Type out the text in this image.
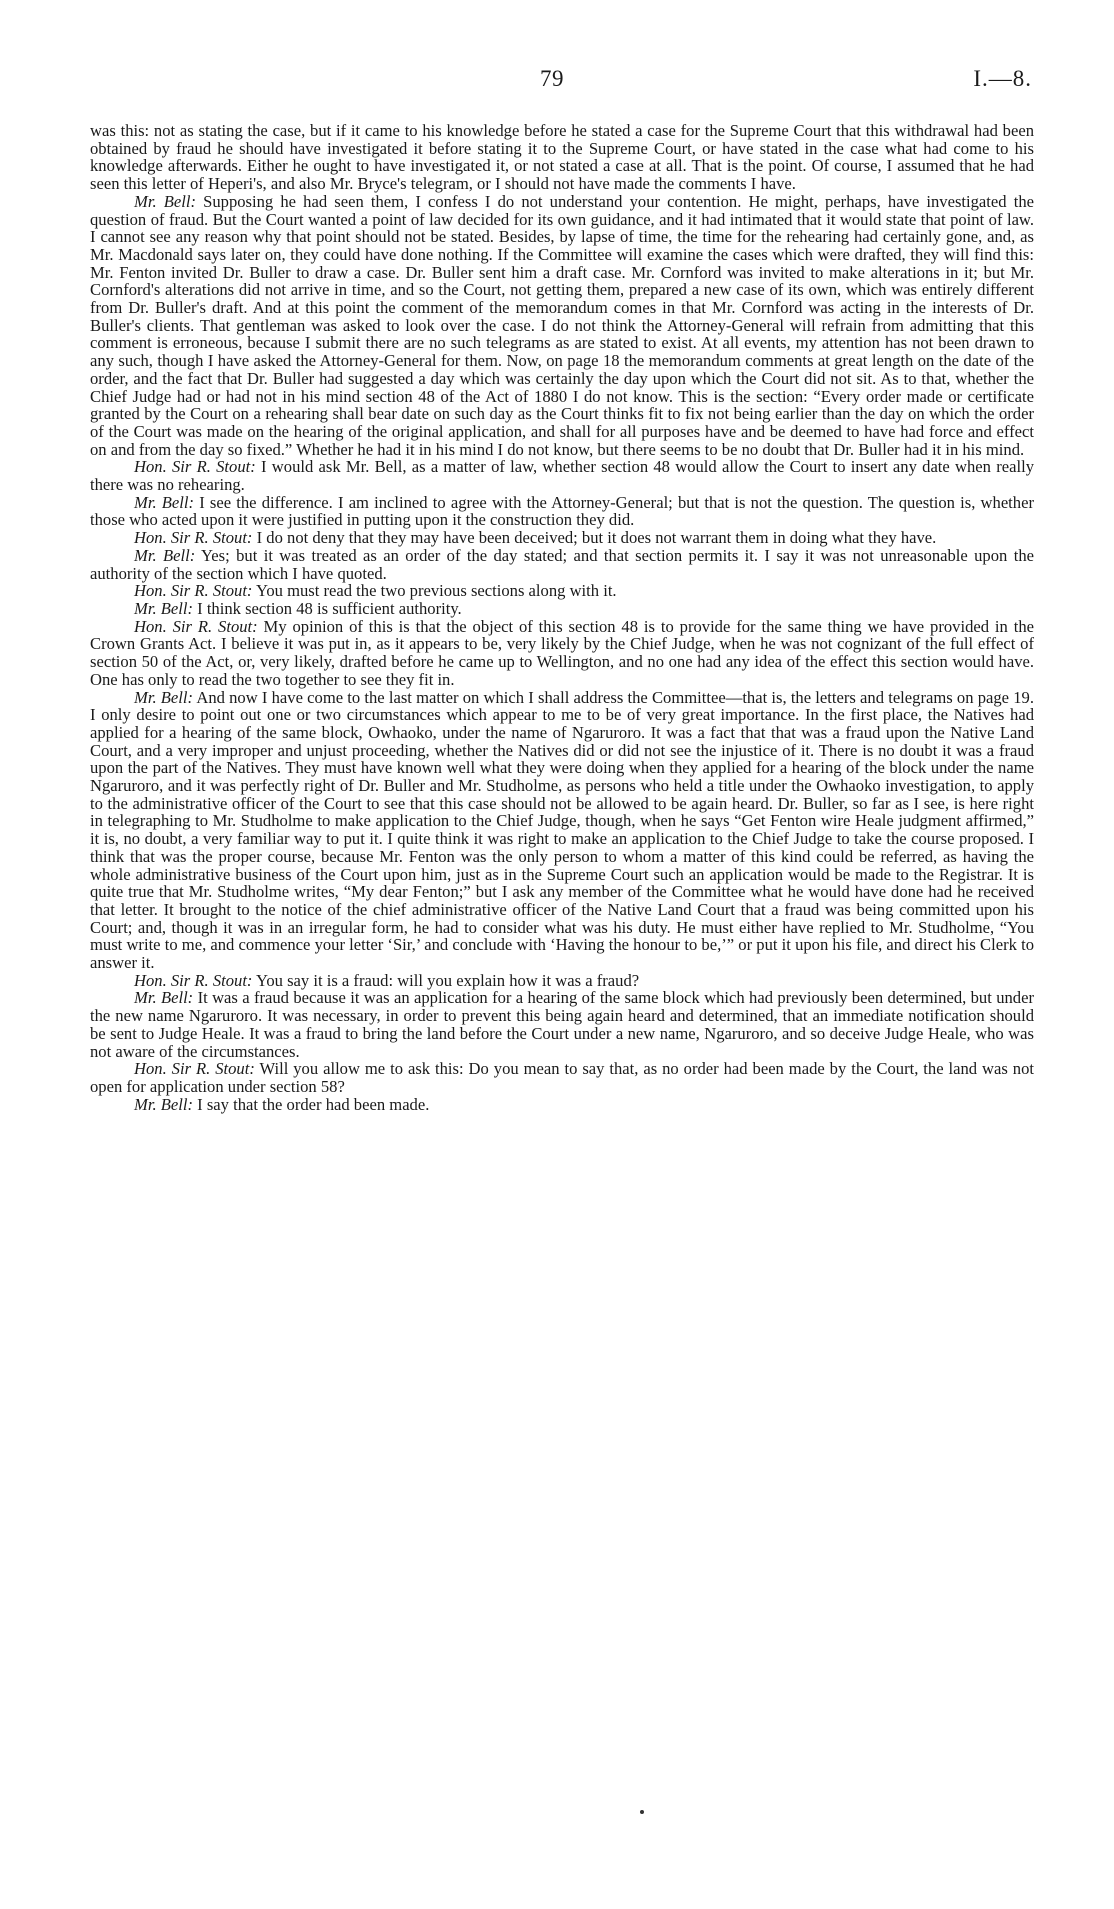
79	I.—8.

was this: not as stating the case, but if it came to his knowledge before he stated a case for the Supreme Court that this withdrawal had been obtained by fraud he should have investigated it before stating it to the Supreme Court, or have stated in the case what had come to his knowledge afterwards. Either he ought to have investigated it, or not stated a case at all. That is the point. Of course, I assumed that he had seen this letter of Heperi's, and also Mr. Bryce's telegram, or I should not have made the comments I have.

Mr. Bell: Supposing he had seen them, I confess I do not understand your contention. He might, perhaps, have investigated the question of fraud. But the Court wanted a point of law decided for its own guidance, and it had intimated that it would state that point of law. I cannot see any reason why that point should not be stated. Besides, by lapse of time, the time for the rehearing had certainly gone, and, as Mr. Macdonald says later on, they could have done nothing. If the Committee will examine the cases which were drafted, they will find this: Mr. Fenton invited Dr. Buller to draw a case. Dr. Buller sent him a draft case. Mr. Cornford was invited to make alterations in it; but Mr. Cornford's alterations did not arrive in time, and so the Court, not getting them, prepared a new case of its own, which was entirely different from Dr. Buller's draft. And at this point the comment of the memorandum comes in that Mr. Cornford was acting in the interests of Dr. Buller's clients. That gentleman was asked to look over the case. I do not think the Attorney-General will refrain from admitting that this comment is erroneous, because I submit there are no such telegrams as are stated to exist. At all events, my attention has not been drawn to any such, though I have asked the Attorney-General for them. Now, on page 18 the memorandum comments at great length on the date of the order, and the fact that Dr. Buller had suggested a day which was certainly the day upon which the Court did not sit. As to that, whether the Chief Judge had or had not in his mind section 48 of the Act of 1880 I do not know. This is the section: “Every order made or certificate granted by the Court on a rehearing shall bear date on such day as the Court thinks fit to fix not being earlier than the day on which the order of the Court was made on the hearing of the original application, and shall for all purposes have and be deemed to have had force and effect on and from the day so fixed.” Whether he had it in his mind I do not know, but there seems to be no doubt that Dr. Buller had it in his mind.

Hon. Sir R. Stout: I would ask Mr. Bell, as a matter of law, whether section 48 would allow the Court to insert any date when really there was no rehearing.

Mr. Bell: I see the difference. I am inclined to agree with the Attorney-General; but that is not the question. The question is, whether those who acted upon it were justified in putting upon it the construction they did.

Hon. Sir R. Stout: I do not deny that they may have been deceived; but it does not warrant them in doing what they have.

Mr. Bell: Yes; but it was treated as an order of the day stated; and that section permits it. I say it was not unreasonable upon the authority of the section which I have quoted.

Hon. Sir R. Stout: You must read the two previous sections along with it.

Mr. Bell: I think section 48 is sufficient authority.

Hon. Sir R. Stout: My opinion of this is that the object of this section 48 is to provide for the same thing we have provided in the Crown Grants Act. I believe it was put in, as it appears to be, very likely by the Chief Judge, when he was not cognizant of the full effect of section 50 of the Act, or, very likely, drafted before he came up to Wellington, and no one had any idea of the effect this section would have. One has only to read the two together to see they fit in.

Mr. Bell: And now I have come to the last matter on which I shall address the Committee—that is, the letters and telegrams on page 19. I only desire to point out one or two circumstances which appear to me to be of very great importance. In the first place, the Natives had applied for a hearing of the same block, Owhaoko, under the name of Ngaruroro. It was a fact that that was a fraud upon the Native Land Court, and a very improper and unjust proceeding, whether the Natives did or did not see the injustice of it. There is no doubt it was a fraud upon the part of the Natives. They must have known well what they were doing when they applied for a hearing of the block under the name Ngaruroro, and it was perfectly right of Dr. Buller and Mr. Studholme, as persons who held a title under the Owhaoko investigation, to apply to the administrative officer of the Court to see that this case should not be allowed to be again heard. Dr. Buller, so far as I see, is here right in telegraphing to Mr. Studholme to make application to the Chief Judge, though, when he says “Get Fenton wire Heale judgment affirmed,” it is, no doubt, a very familiar way to put it. I quite think it was right to make an application to the Chief Judge to take the course proposed. I think that was the proper course, because Mr. Fenton was the only person to whom a matter of this kind could be referred, as having the whole administrative business of the Court upon him, just as in the Supreme Court such an application would be made to the Registrar. It is quite true that Mr. Studholme writes, “My dear Fenton;” but I ask any member of the Committee what he would have done had he received that letter. It brought to the notice of the chief administrative officer of the Native Land Court that a fraud was being committed upon his Court; and, though it was in an irregular form, he had to consider what was his duty. He must either have replied to Mr. Studholme, “You must write to me, and commence your letter ‘Sir,’ and conclude with ‘Having the honour to be,’” or put it upon his file, and direct his Clerk to answer it.

Hon. Sir R. Stout: You say it is a fraud: will you explain how it was a fraud?

Mr. Bell: It was a fraud because it was an application for a hearing of the same block which had previously been determined, but under the new name Ngaruroro. It was necessary, in order to prevent this being again heard and determined, that an immediate notification should be sent to Judge Heale. It was a fraud to bring the land before the Court under a new name, Ngaruroro, and so deceive Judge Heale, who was not aware of the circumstances.

Hon. Sir R. Stout: Will you allow me to ask this: Do you mean to say that, as no order had been made by the Court, the land was not open for application under section 58?

Mr. Bell: I say that the order had been made.
